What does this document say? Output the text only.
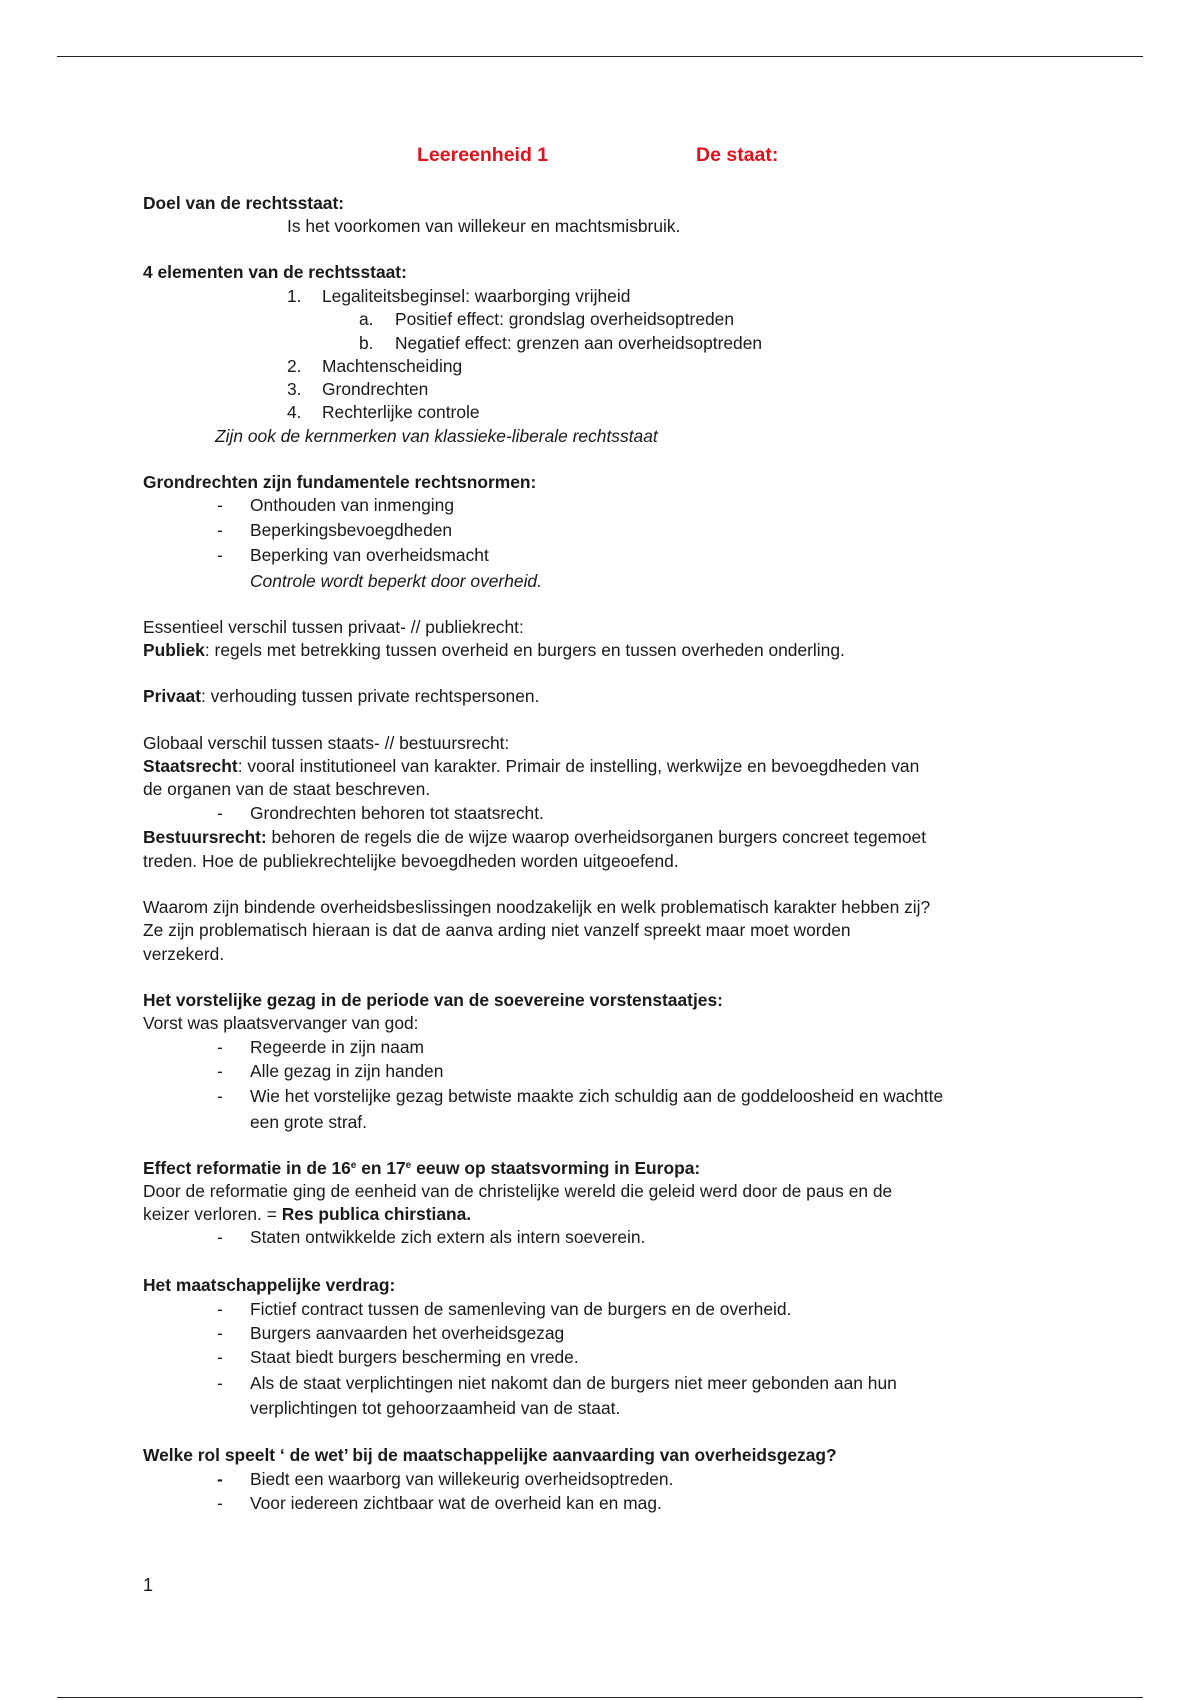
Leereenheid 1	De staat:
Doel van de rechtsstaat:
Is het voorkomen van willekeur en machtsmisbruik.
4 elementen van de rechtsstaat:
1. Legaliteitsbeginsel: waarborging vrijheid
a. Positief effect: grondslag overheidsoptreden
b. Negatief effect: grenzen aan overheidsoptreden
2. Machtenscheiding
3. Grondrechten
4. Rechterlijke controle
Zijn ook de kernmerken van klassieke-liberale rechtsstaat
Grondrechten zijn fundamentele rechtsnormen:
- Onthouden van inmenging
- Beperkingsbevoegdheden
- Beperking van overheidsmacht
Controle wordt beperkt door overheid.
Essentieel verschil tussen privaat- // publiekrecht:
Publiek: regels met betrekking tussen overheid en burgers en tussen overheden onderling.
Privaat: verhouding tussen private rechtspersonen.
Globaal verschil tussen staats- // bestuursrecht:
Staatsrecht: vooral institutioneel van karakter. Primair de instelling, werkwijze en bevoegdheden van
de organen van de staat beschreven.
- Grondrechten behoren tot staatsrecht.
Bestuursrecht: behoren de regels die de wijze waarop overheidsorganen burgers concreet tegemoet
treden. Hoe de publiekrechtelijke bevoegdheden worden uitgeoefend.
Waarom zijn bindende overheidsbeslissingen noodzakelijk en welk problematisch karakter hebben zij?
Ze zijn problematisch hieraan is dat de aanva arding niet vanzelf spreekt maar moet worden
verzekerd.
Het vorstelijke gezag in de periode van de soevereine vorstenstaatjes:
Vorst was plaatsvervanger van god:
- Regeerde in zijn naam
- Alle gezag in zijn handen
- Wie het vorstelijke gezag betwiste maakte zich schuldig aan de goddeloosheid en wachtte
een grote straf.
Effect reformatie in de 16e en 17e eeuw op staatsvorming in Europa:
Door de reformatie ging de eenheid van de christelijke wereld die geleid werd door de paus en de
keizer verloren. = Res publica chirstiana.
- Staten ontwikkelde zich extern als intern soeverein.
Het maatschappelijke verdrag:
- Fictief contract tussen de samenleving van de burgers en de overheid.
- Burgers aanvaarden het overheidsgezag
- Staat biedt burgers bescherming en vrede.
- Als de staat verplichtingen niet nakomt dan de burgers niet meer gebonden aan hun
verplichtingen tot gehoorzaamheid van de staat.
Welke rol speelt ‘ de wet’ bij de maatschappelijke aanvaarding van overheidsgezag?
- Biedt een waarborg van willekeurig overheidsoptreden.
- Voor iedereen zichtbaar wat de overheid kan en mag.
1
